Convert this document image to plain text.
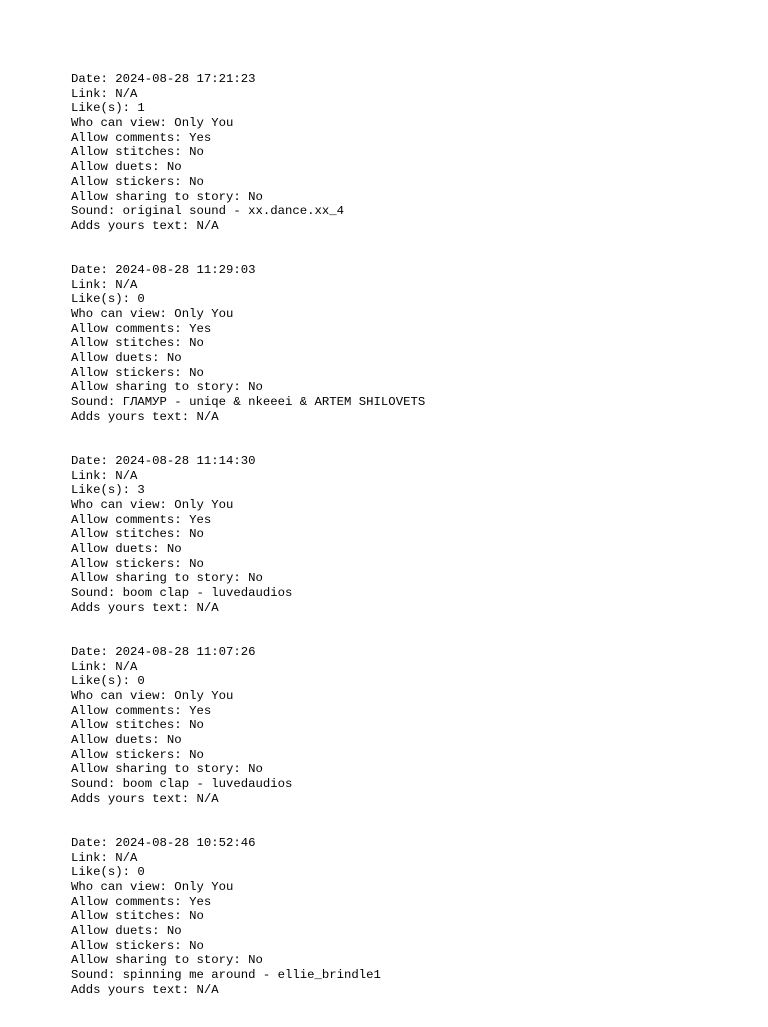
Date: 2024-08-28 17:21:23
Link: N/A
Like(s): 1
Who can view: Only You
Allow comments: Yes
Allow stitches: No
Allow duets: No
Allow stickers: No
Allow sharing to story: No
Sound: original sound - xx.dance.xx_4
Adds yours text: N/A
Date: 2024-08-28 11:29:03
Link: N/A
Like(s): 0
Who can view: Only You
Allow comments: Yes
Allow stitches: No
Allow duets: No
Allow stickers: No
Allow sharing to story: No
Sound: ГЛАМУР - uniqe & nkeeei & ARTEM SHILOVETS
Adds yours text: N/A
Date: 2024-08-28 11:14:30
Link: N/A
Like(s): 3
Who can view: Only You
Allow comments: Yes
Allow stitches: No
Allow duets: No
Allow stickers: No
Allow sharing to story: No
Sound: boom clap - luvedaudios
Adds yours text: N/A
Date: 2024-08-28 11:07:26
Link: N/A
Like(s): 0
Who can view: Only You
Allow comments: Yes
Allow stitches: No
Allow duets: No
Allow stickers: No
Allow sharing to story: No
Sound: boom clap - luvedaudios
Adds yours text: N/A
Date: 2024-08-28 10:52:46
Link: N/A
Like(s): 0
Who can view: Only You
Allow comments: Yes
Allow stitches: No
Allow duets: No
Allow stickers: No
Allow sharing to story: No
Sound: spinning me around - ellie_brindle1
Adds yours text: N/A
